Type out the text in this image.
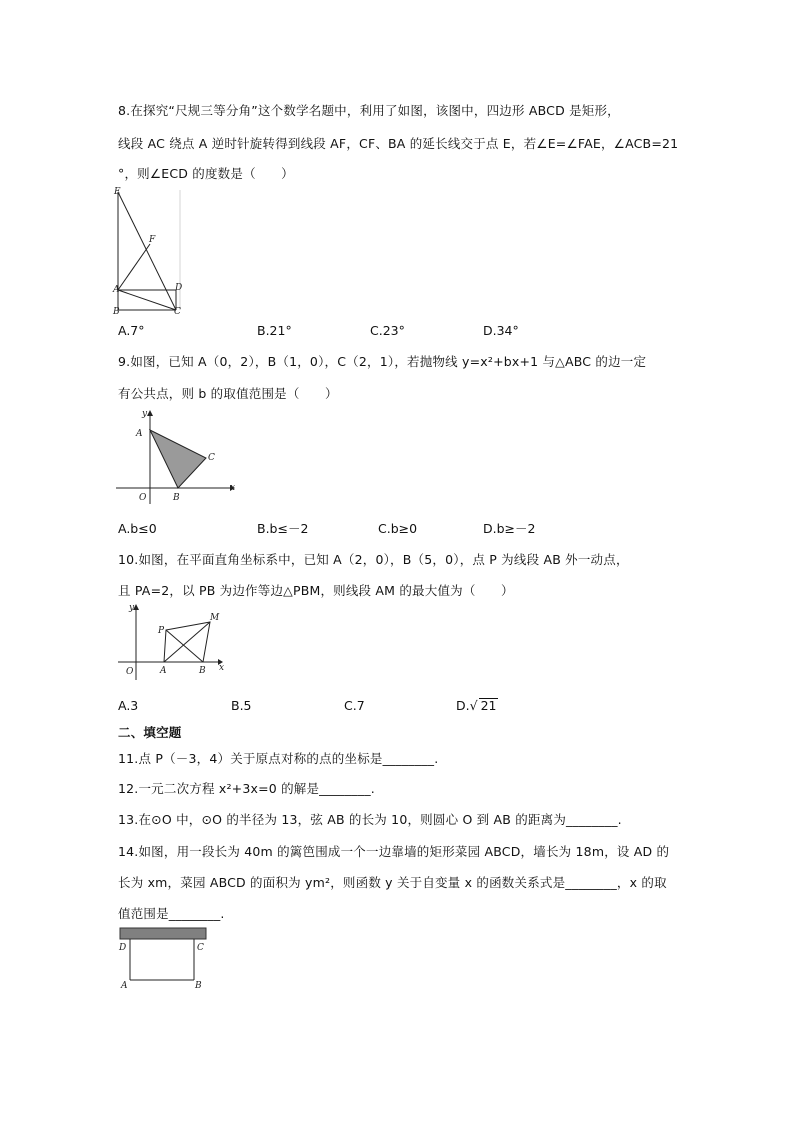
8.在探究“尺规三等分角”这个数学名题中，利用了如图，该图中，四边形 ABCD 是矩形，
线段 AC 绕点 A 逆时针旋转得到线段 AF，CF、BA 的延长线交于点 E，若∠E=∠FAE，∠ACB=21
°，则∠ECD 的度数是（　　）
E
F
A	D
B	C
A.7°	B.21°	C.23°	D.34°
9.如图，已知 A（0，2），B（1，0），C（2，1），若抛物线 y=x²+bx+1 与△ABC 的边一定
有公共点，则 b 的取值范围是（　　）
y
A
C
O	B
x
A.b≤0	B.b≤－2	C.b≥0	D.b≥－2
10.如图，在平面直角坐标系中，已知 A（2，0），B（5，0），点 P 为线段 AB 外一动点，
且 PA=2，以 PB 为边作等边△PBM，则线段 AM 的最大值为（　　）
y
P
M
O	A	B x
A.3	B.5	C.7	D.√ 21
二、填空题
11.点 P（－3，4）关于原点对称的点的坐标是________.
12.一元二次方程 x²+3x=0 的解是________.
13.在⊙O 中，⊙O 的半径为 13，弦 AB 的长为 10，则圆心 O 到 AB 的距离为________.
14.如图，用一段长为 40m 的篱笆围成一个一边靠墙的矩形菜园 ABCD，墙长为 18m，设 AD 的
长为 xm，菜园 ABCD 的面积为 ym²，则函数 y 关于自变量 x 的函数关系式是________，x 的取
值范围是________.
D	C
A	B
